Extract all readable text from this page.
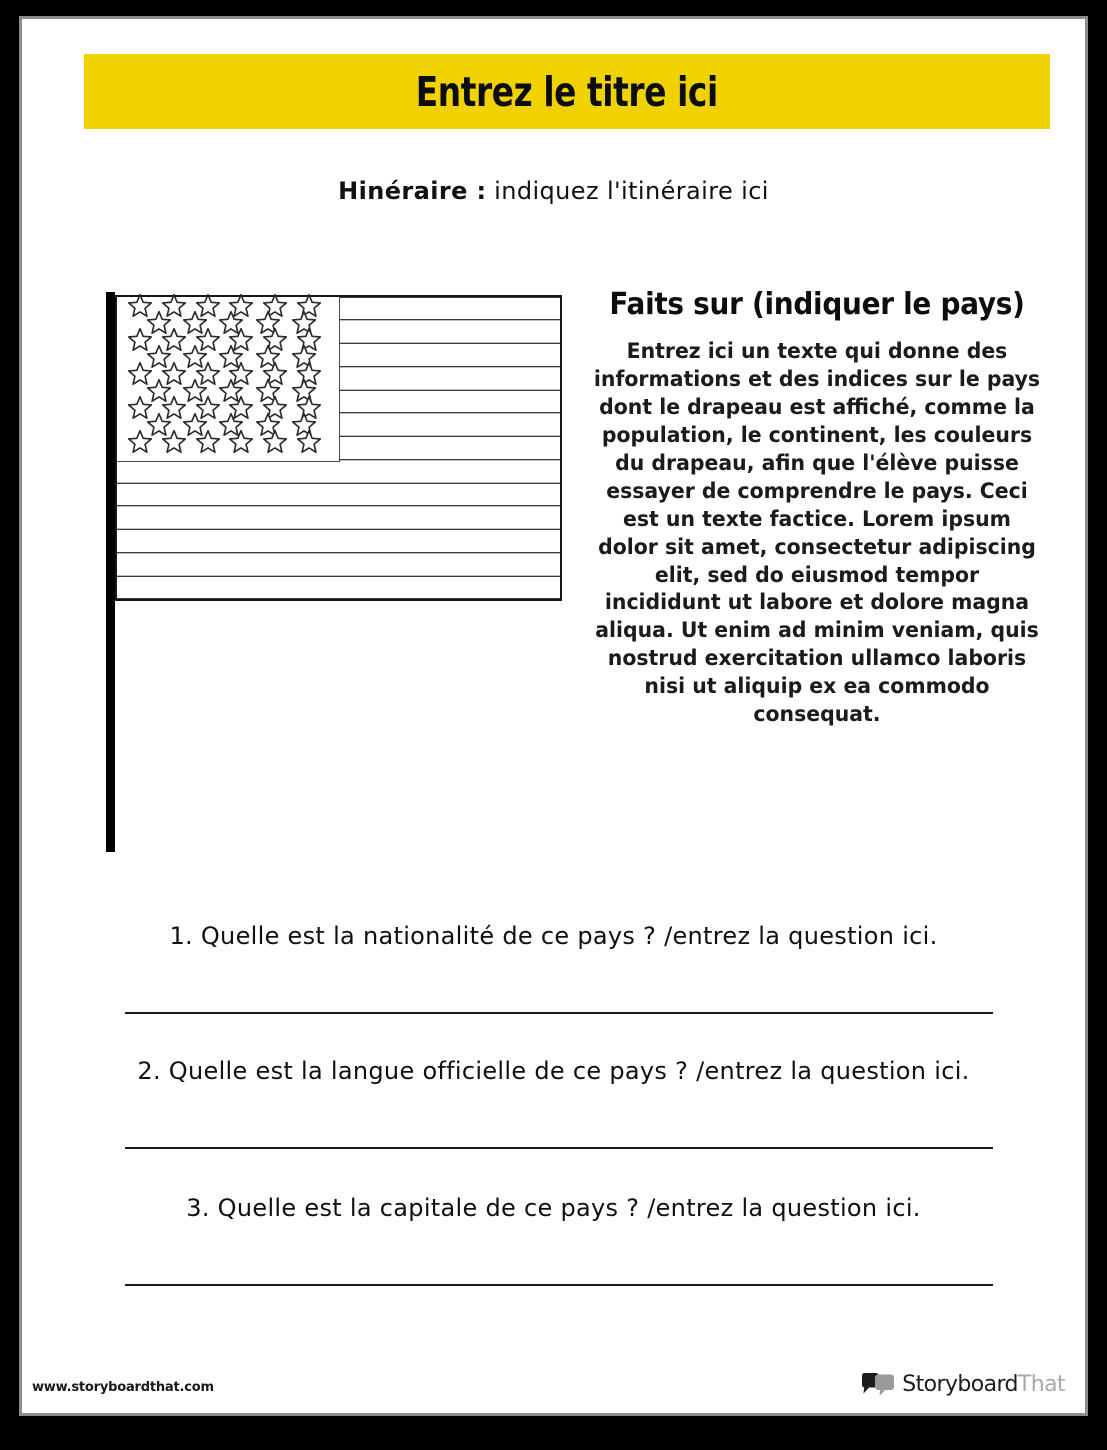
Entrez le titre ici
Hinéraire : indiquez l'itinéraire ici
Faits sur (indiquer le pays)
Entrez ici un texte qui donne des informations et des indices sur le pays dont le drapeau est affiché, comme la population, le continent, les couleurs du drapeau, afin que l'élève puisse essayer de comprendre le pays. Ceci est un texte factice. Lorem ipsum dolor sit amet, consectetur adipiscing elit, sed do eiusmod tempor incididunt ut labore et dolore magna aliqua. Ut enim ad minim veniam, quis nostrud exercitation ullamco laboris nisi ut aliquip ex ea commodo consequat.
1. Quelle est la nationalité de ce pays ? /entrez la question ici.
2. Quelle est la langue officielle de ce pays ? /entrez la question ici.
3. Quelle est la capitale de ce pays ? /entrez la question ici.
www.storyboardthat.com	StoryboardThat
